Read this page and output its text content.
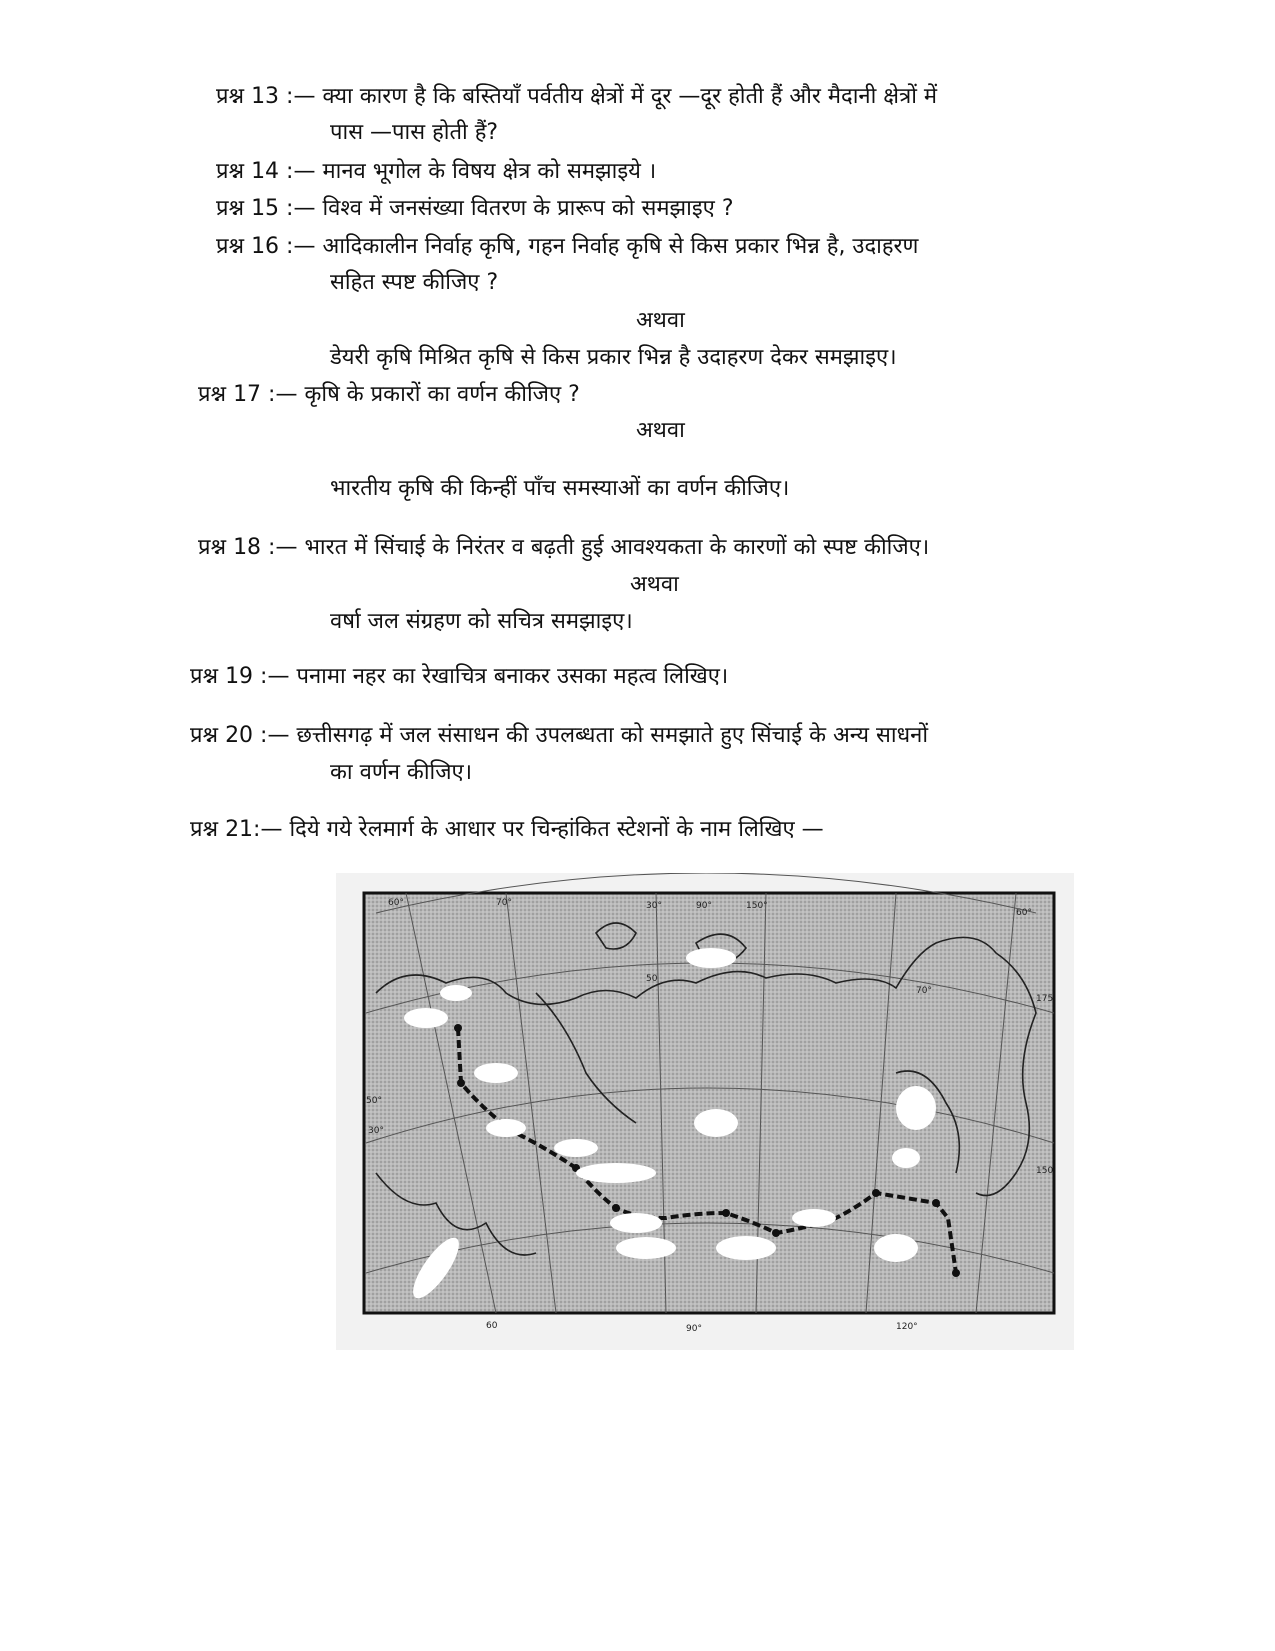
प्रश्न 13 :— क्या कारण है कि बस्तियाँ पर्वतीय क्षेत्रों में दूर —दूर होती हैं और मैदानी क्षेत्रों में
पास —पास होती हैं?
प्रश्न 14 :— मानव भूगोल के विषय क्षेत्र को समझाइये ।
प्रश्न 15 :— विश्व में जनसंख्या वितरण के प्रारूप को समझाइए ?
प्रश्न 16 :— आदिकालीन निर्वाह कृषि, गहन निर्वाह कृषि से किस प्रकार भिन्न है, उदाहरण
सहित स्पष्ट कीजिए ?
अथवा
डेयरी कृषि मिश्रित कृषि से किस प्रकार भिन्न है उदाहरण देकर समझाइए।
प्रश्न 17 :— कृषि के प्रकारों का वर्णन कीजिए ?
अथवा
भारतीय कृषि की किन्हीं पाँच समस्याओं का वर्णन कीजिए।
प्रश्न 18 :— भारत में सिंचाई के निरंतर व बढ़ती हुई आवश्यकता के कारणों को स्पष्ट कीजिए।
अथवा
वर्षा जल संग्रहण को सचित्र समझाइए।
प्रश्न 19 :— पनामा नहर का रेखाचित्र बनाकर उसका महत्व लिखिए।
प्रश्न 20 :— छत्तीसगढ़ में जल संसाधन की उपलब्धता को समझाते हुए सिंचाई के अन्य साधनों
का वर्णन कीजिए।
प्रश्न 21:— दिये गये रेलमार्ग के आधार पर चिन्हांकित स्टेशनों के नाम लिखिए —
60°	70°	30°	90°	150°
60°
175
50°
30°
150
60	90°	120°
70°
50
